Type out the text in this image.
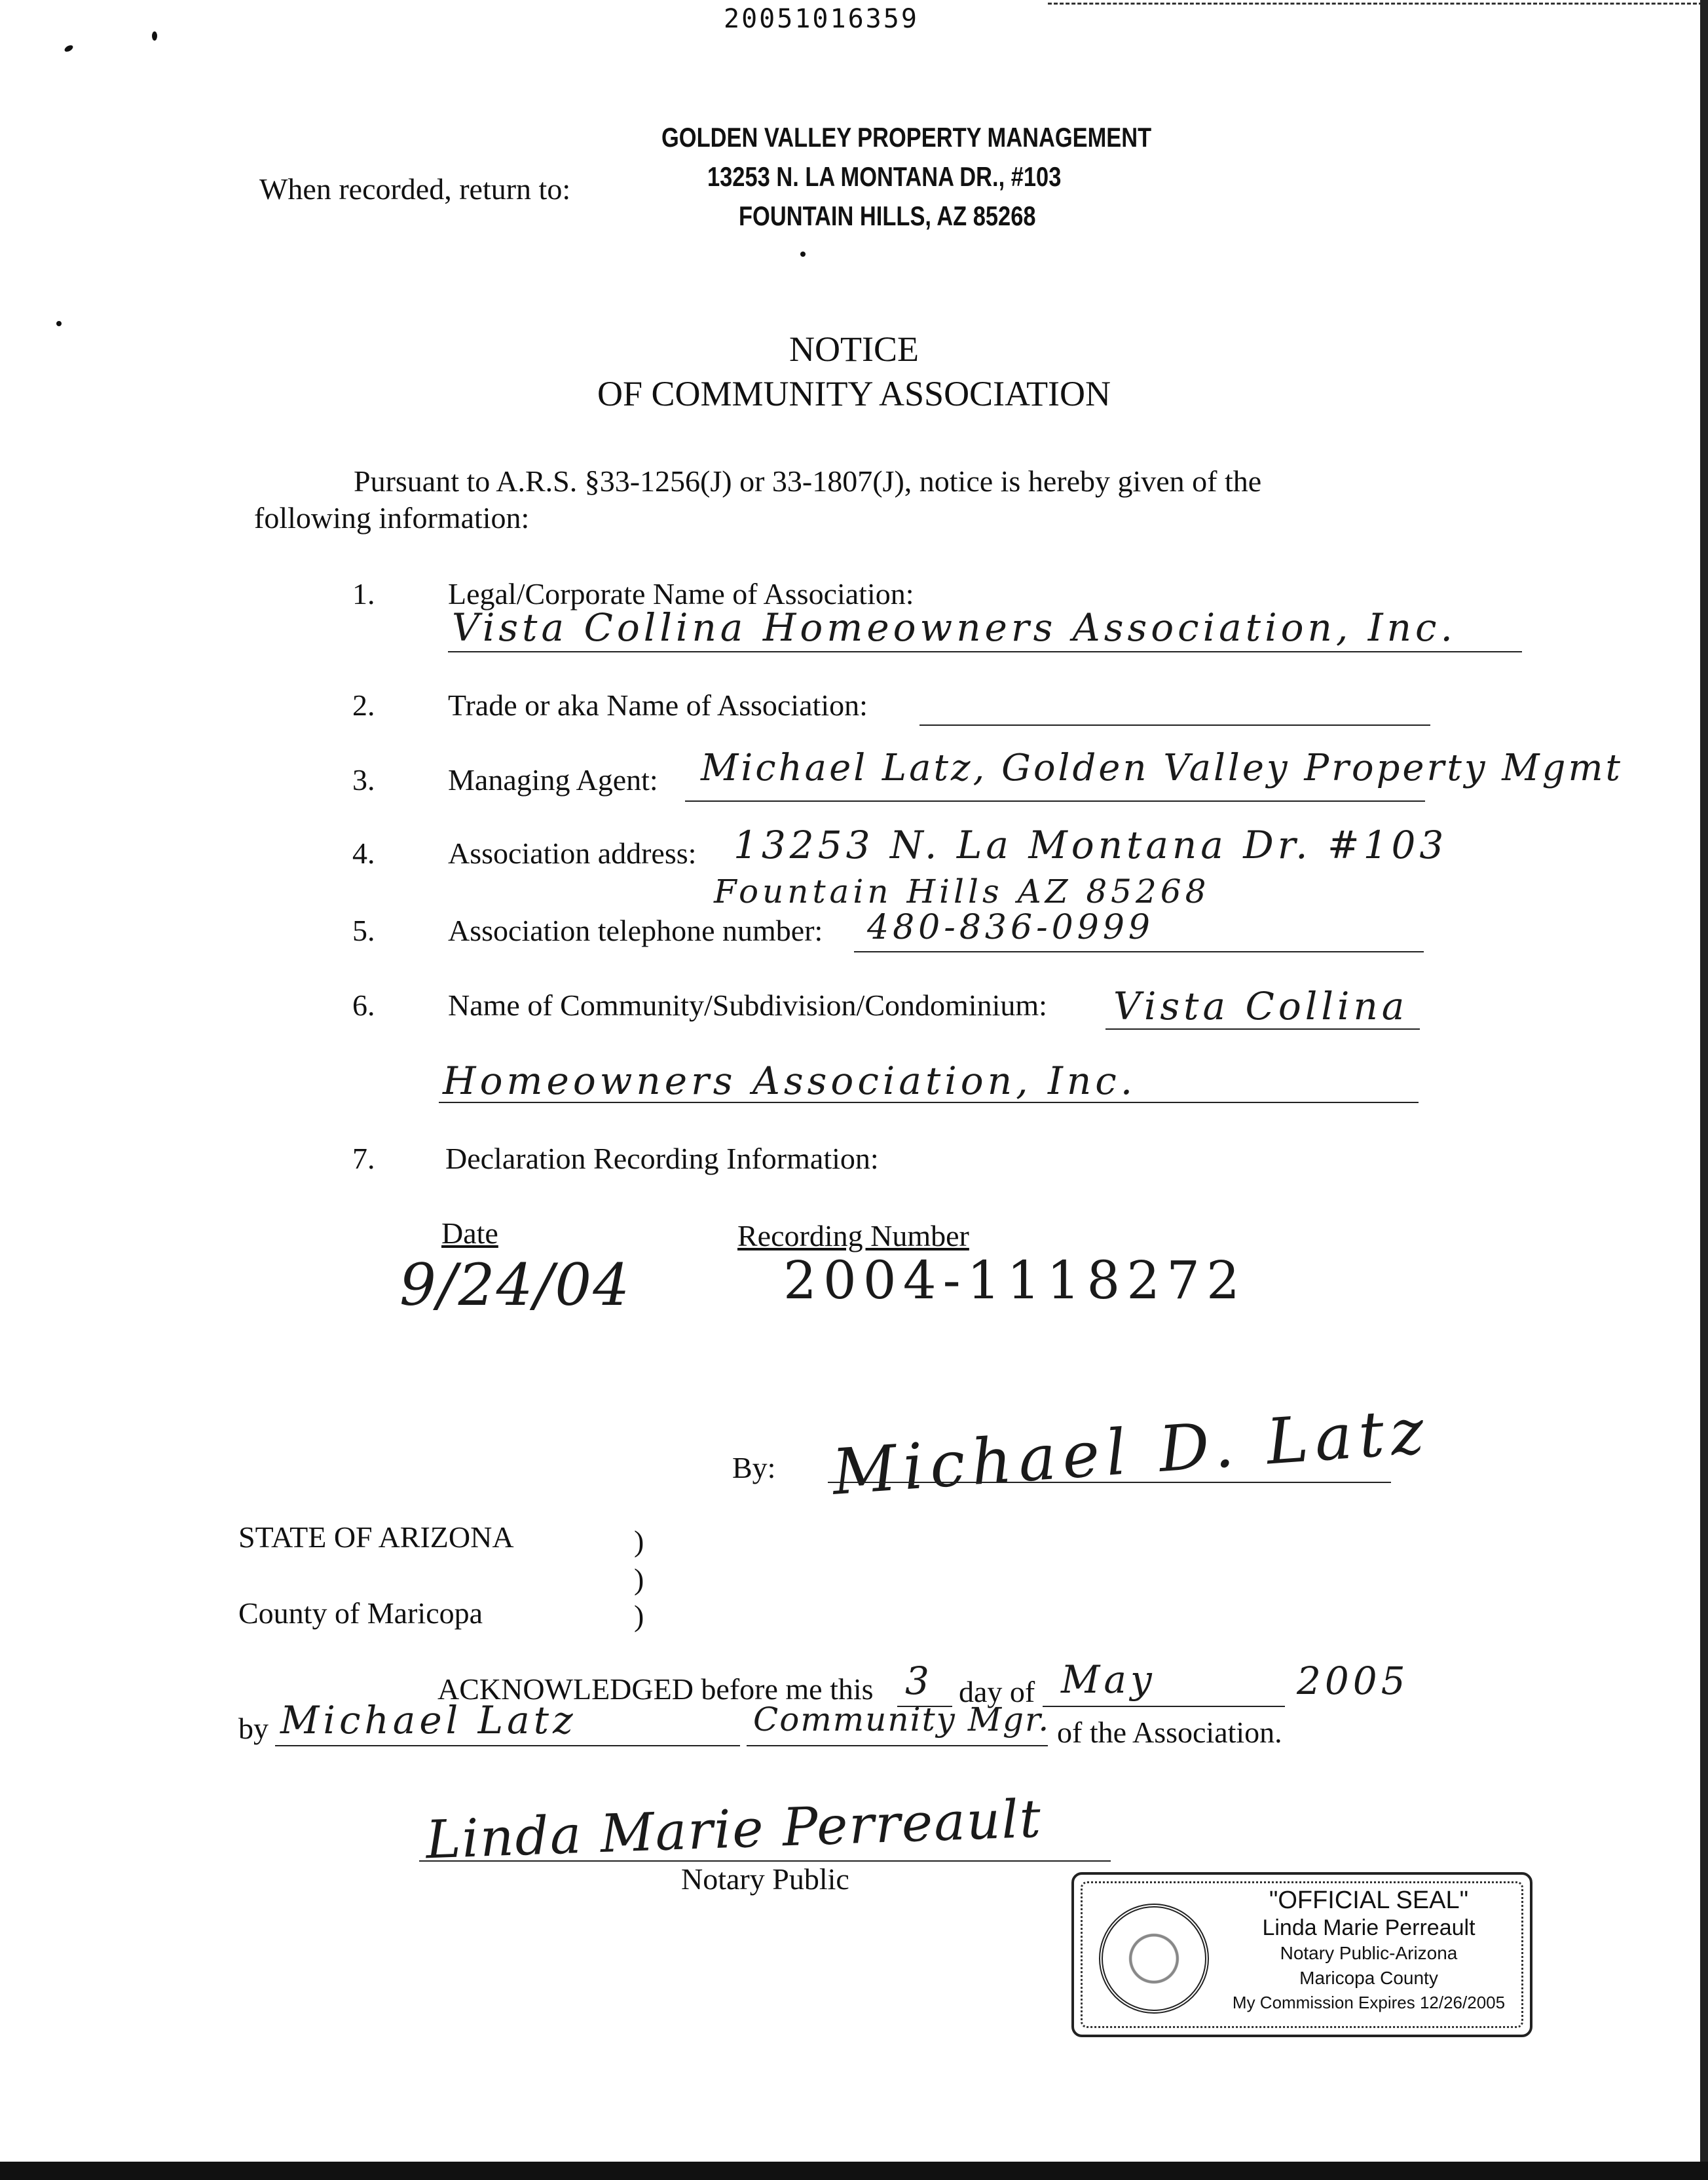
20051016359
When recorded, return to:
GOLDEN VALLEY PROPERTY MANAGEMENT
13253 N. LA MONTANA DR., #103
FOUNTAIN HILLS, AZ 85268
NOTICE
OF COMMUNITY ASSOCIATION
Pursuant to A.R.S. §33-1256(J) or 33-1807(J), notice is hereby given of the
following information:
1. Legal/Corporate Name of Association:
Vista Collina Homeowners Association, Inc.
2. Trade or aka Name of Association:
3. Managing Agent: Michael Latz, Golden Valley Property Mgmt
4. Association address: 13253 N. La Montana Dr. #103
Fountain Hills AZ 85268
5. Association telephone number: 480-836-0999
6. Name of Community/Subdivision/Condominium: Vista Collina
Homeowners Association, Inc.
7. Declaration Recording Information:
Date
9/24/04
Recording Number
2004-1118272
By: Michael D. Latz
STATE OF ARIZONA	)
)
County of Maricopa	)
ACKNOWLEDGED before me this 3 day of May	2005
by Michael Latz	Community Mgr. of the Association.
Linda Marie Perreault
Notary Public
"OFFICIAL SEAL"
Linda Marie Perreault
Notary Public-Arizona
Maricopa County
My Commission Expires 12/26/2005
